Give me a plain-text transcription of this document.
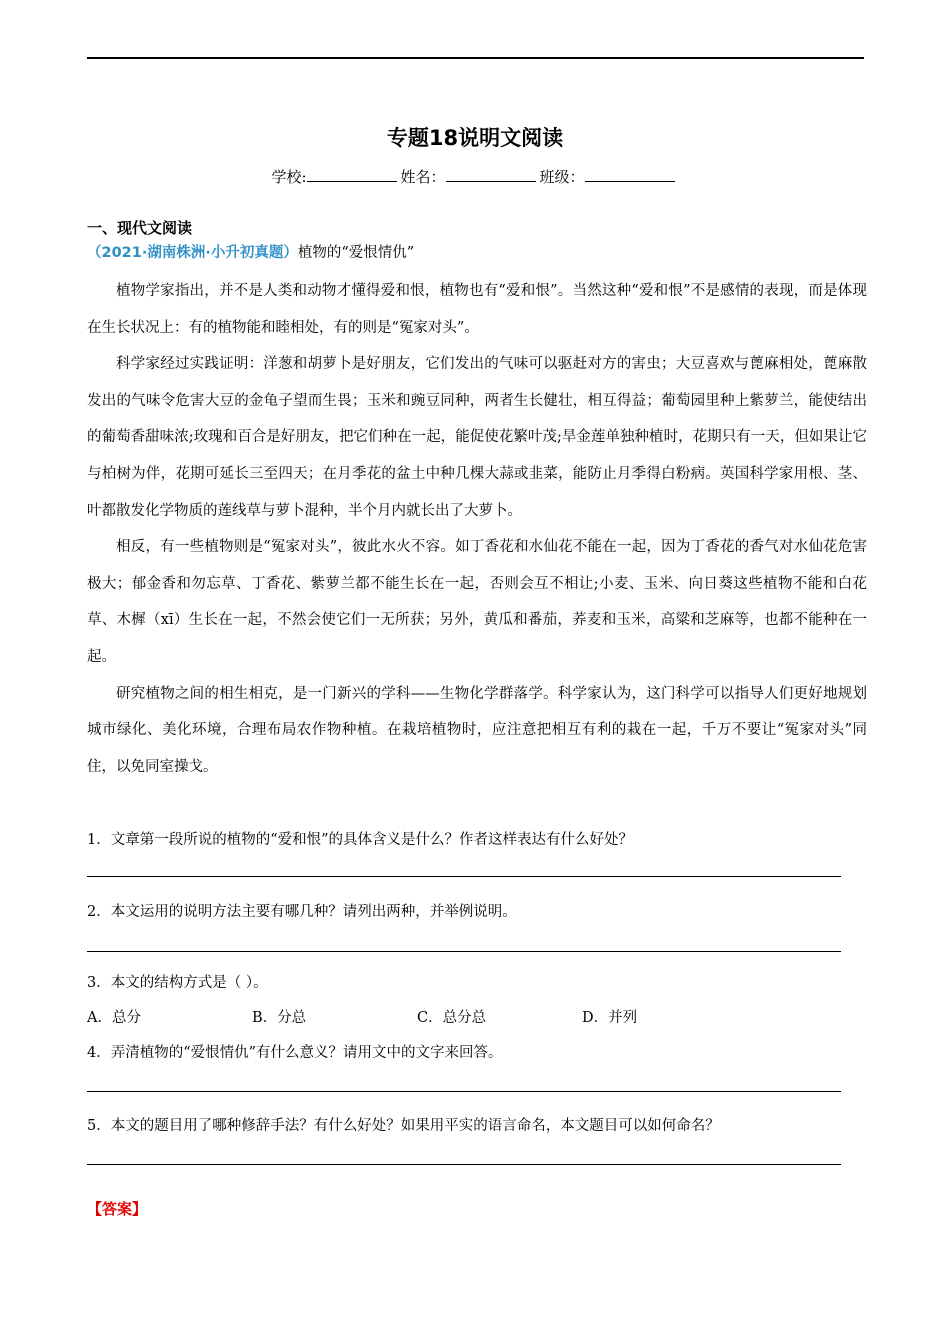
专题18说明文阅读
学校:	姓名：	班级：
一、现代文阅读
（2021·湖南株洲·小升初真题）植物的“爱恨情仇”

植物学家指出，并不是人类和动物才懂得爱和恨，植物也有“爱和恨”。当然这种“爱和恨”不是感情的表现，而是体现在生长状况上：有的植物能和睦相处，有的则是“冤家对头”。

科学家经过实践证明：洋葱和胡萝卜是好朋友，它们发出的气味可以驱赶对方的害虫；大豆喜欢与蓖麻相处，蓖麻散发出的气味令危害大豆的金龟子望而生畏；玉米和豌豆同种，两者生长健壮，相互得益；葡萄园里种上紫萝兰，能使结出的葡萄香甜味浓;玫瑰和百合是好朋友，把它们种在一起，能促使花繁叶茂;旱金莲单独种植时，花期只有一天，但如果让它与柏树为伴，花期可延长三至四天；在月季花的盆土中种几棵大蒜或韭菜，能防止月季得白粉病。英国科学家用根、茎、叶都散发化学物质的莲线草与萝卜混种，半个月内就长出了大萝卜。

相反，有一些植物则是“冤家对头”，彼此水火不容。如丁香花和水仙花不能在一起，因为丁香花的香气对水仙花危害极大；郁金香和勿忘草、丁香花、紫萝兰都不能生长在一起，否则会互不相让;小麦、玉米、向日葵这些植物不能和白花草、木樨（xī）生长在一起，不然会使它们一无所获；另外，黄瓜和番茄，荞麦和玉米，高粱和芝麻等，也都不能种在一起。

研究植物之间的相生相克，是一门新兴的学科——生物化学群落学。科学家认为，这门科学可以指导人们更好地规划城市绿化、美化环境，合理布局农作物种植。在栽培植物时，应注意把相互有利的栽在一起，千万不要让“冤家对头”同住，以免同室操戈。

1．文章第一段所说的植物的“爱和恨”的具体含义是什么？作者这样表达有什么好处？
2．本文运用的说明方法主要有哪几种？请列出两种，并举例说明。
3．本文的结构方式是（ ）。
A．总分	B．分总	C．总分总	D．并列
4．弄清植物的“爱恨情仇”有什么意义？请用文中的文字来回答。
5．本文的题目用了哪种修辞手法？有什么好处？如果用平实的语言命名，本文题目可以如何命名？
【答案】
